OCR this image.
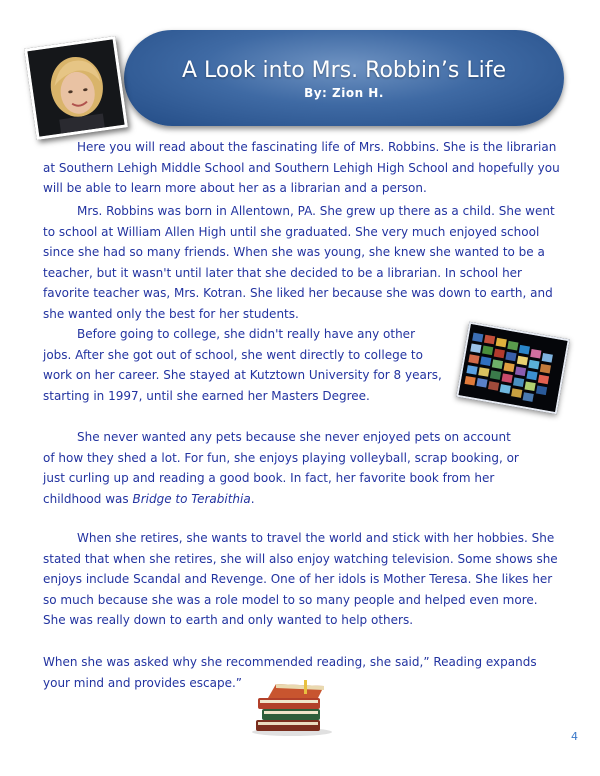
A Look into Mrs. Robbin’s Life
By: Zion H.

Here you will read about the fascinating life of Mrs. Robbins. She is the librarian at Southern Lehigh Middle School and Southern Lehigh High School and hopefully you will be able to learn more about her as a librarian and a person.

Mrs. Robbins was born in Allentown, PA. She grew up there as a child. She went to school at William Allen High until she graduated. She very much enjoyed school since she had so many friends. When she was young, she knew she wanted to be a teacher, but it wasn't until later that she decided to be a librarian. In school her favorite teacher was, Mrs. Kotran. She liked her because she was down to earth, and she wanted only the best for her students.

Before going to college, she didn't really have any other jobs. After she got out of school, she went directly to college to work on her career. She stayed at Kutztown University for 8 years, starting in 1997, until she earned her Masters Degree.

She never wanted any pets because she never enjoyed pets on account of how they shed a lot. For fun, she enjoys playing volleyball, scrap booking, or just curling up and reading a good book. In fact, her favorite book from her childhood was Bridge to Terabithia.

When she retires, she wants to travel the world and stick with her hobbies. She stated that when she retires, she will also enjoy watching television. Some shows she enjoys include Scandal and Revenge. One of her idols is Mother Teresa. She likes her so much because she was a role model to so many people and helped even more. She was really down to earth and only wanted to help others.

When she was asked why she recommended reading, she said,” Reading expands your mind and provides escape.”

4
